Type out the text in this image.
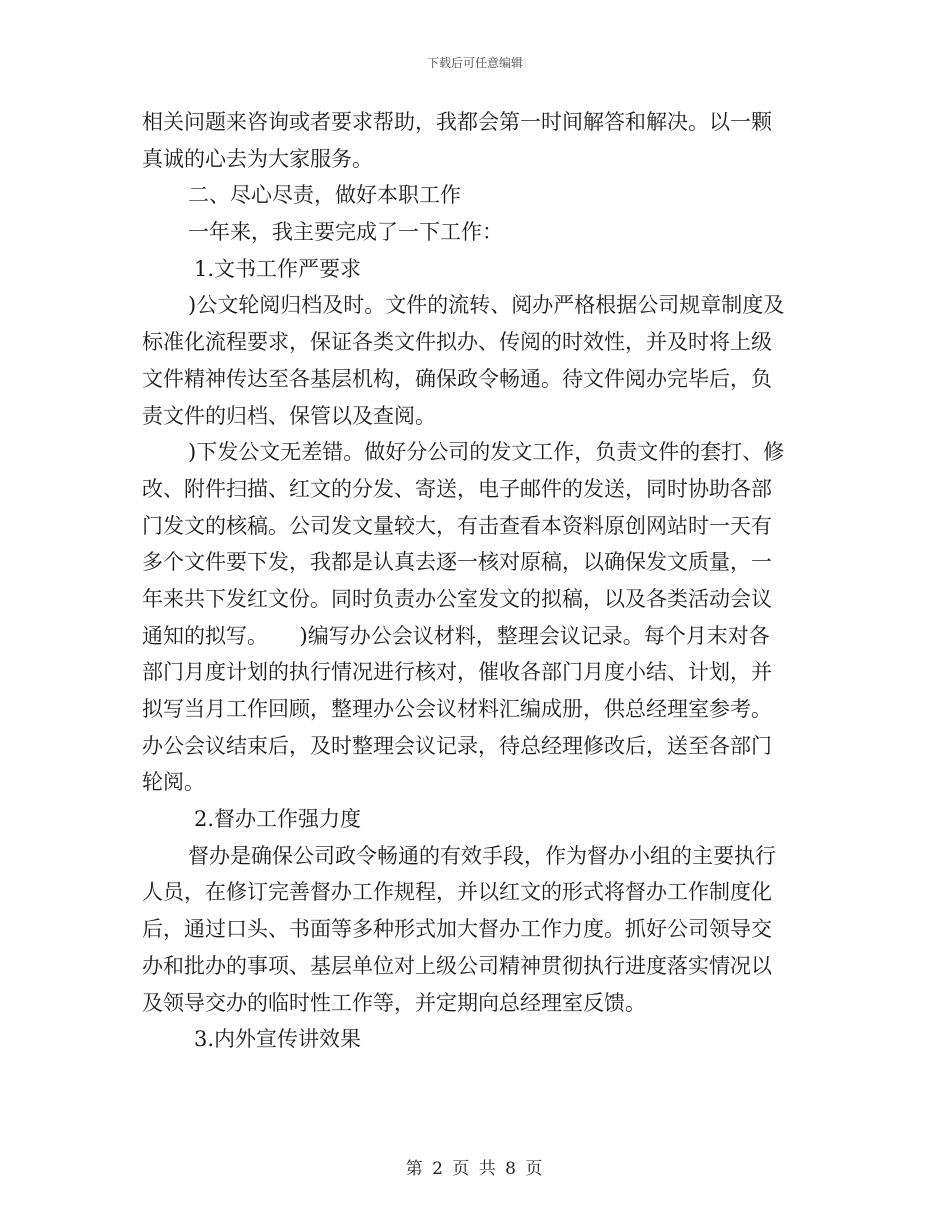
下载后可任意编辑
相关问题来咨询或者要求帮助，我都会第一时间解答和解决。以一颗
真诚的心去为大家服务。
二、尽心尽责，做好本职工作
一年来，我主要完成了一下工作：
1.文书工作严要求
)公文轮阅归档及时。文件的流转、阅办严格根据公司规章制度及
标准化流程要求，保证各类文件拟办、传阅的时效性，并及时将上级
文件精神传达至各基层机构，确保政令畅通。待文件阅办完毕后，负
责文件的归档、保管以及查阅。
)下发公文无差错。做好分公司的发文工作，负责文件的套打、修
改、附件扫描、红文的分发、寄送，电子邮件的发送，同时协助各部
门发文的核稿。公司发文量较大，有击查看本资料原创网站时一天有
多个文件要下发，我都是认真去逐一核对原稿，以确保发文质量，一
年来共下发红文份。同时负责办公室发文的拟稿，以及各类活动会议
通知的拟写。　　)编写办公会议材料，整理会议记录。每个月末对各
部门月度计划的执行情况进行核对，催收各部门月度小结、计划，并
拟写当月工作回顾，整理办公会议材料汇编成册，供总经理室参考。
办公会议结束后，及时整理会议记录，待总经理修改后，送至各部门
轮阅。
2.督办工作强力度
督办是确保公司政令畅通的有效手段，作为督办小组的主要执行
人员，在修订完善督办工作规程，并以红文的形式将督办工作制度化
后，通过口头、书面等多种形式加大督办工作力度。抓好公司领导交
办和批办的事项、基层单位对上级公司精神贯彻执行进度落实情况以
及领导交办的临时性工作等，并定期向总经理室反馈。
3.内外宣传讲效果
第 2 页 共 8 页
